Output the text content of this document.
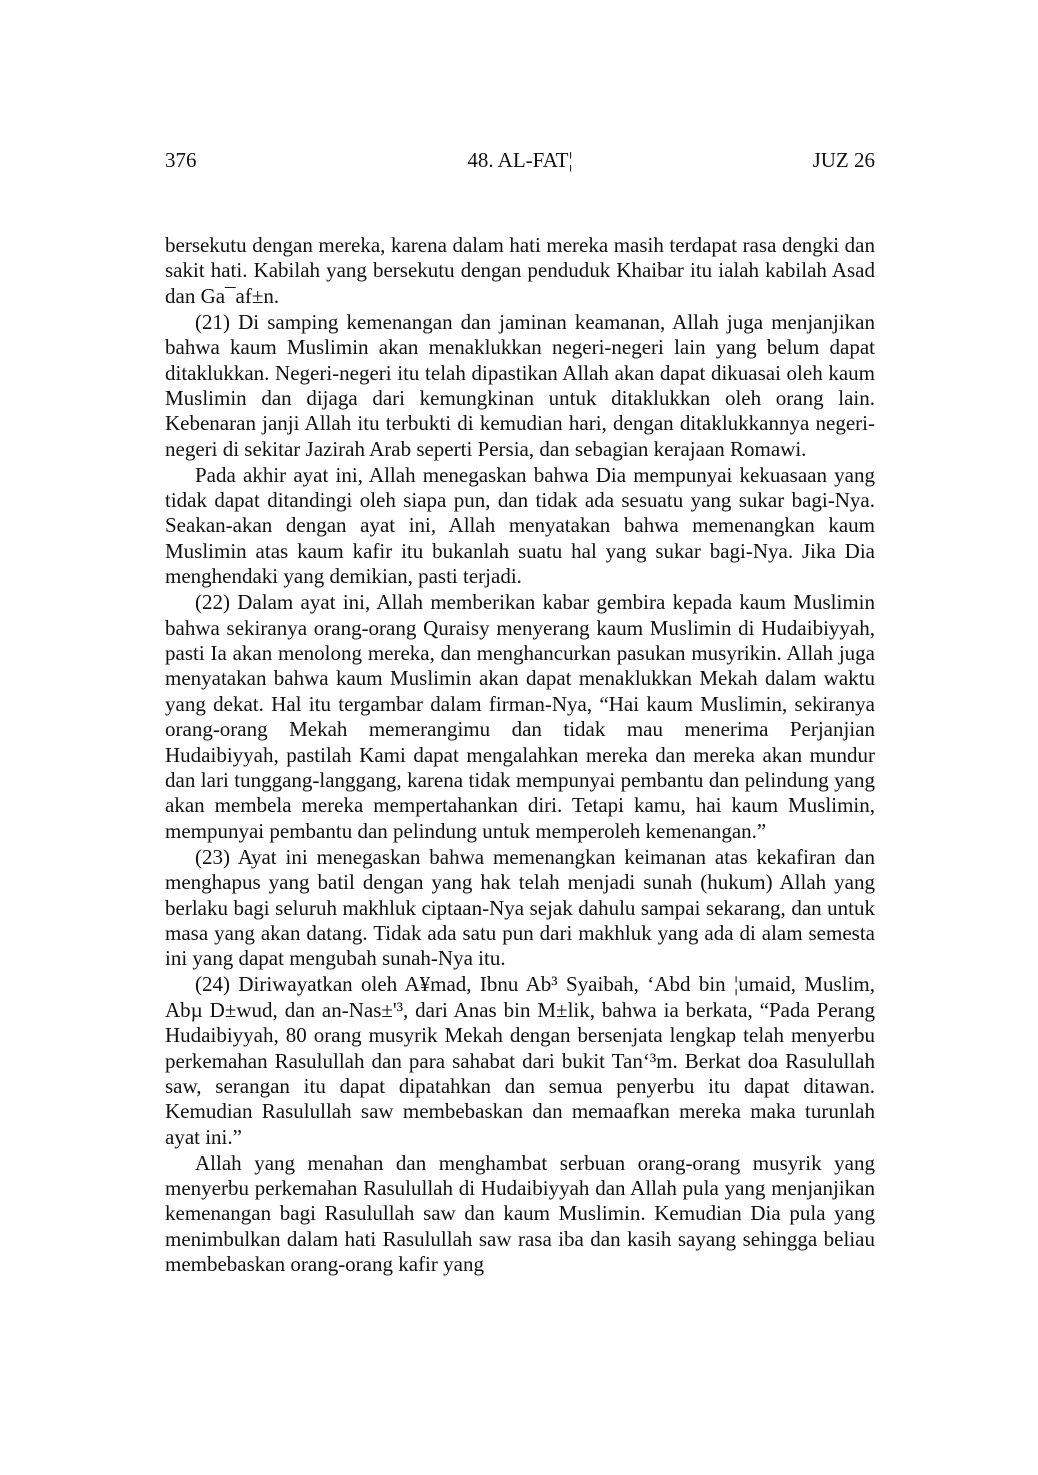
376	48. AL-FAT¦	JUZ 26

bersekutu dengan mereka, karena dalam hati mereka masih terdapat rasa dengki dan sakit hati. Kabilah yang bersekutu dengan penduduk Khaibar itu ialah kabilah Asad dan Ga¯af±n.

(21) Di samping kemenangan dan jaminan keamanan, Allah juga menjanjikan bahwa kaum Muslimin akan menaklukkan negeri-negeri lain yang belum dapat ditaklukkan. Negeri-negeri itu telah dipastikan Allah akan dapat dikuasai oleh kaum Muslimin dan dijaga dari kemungkinan untuk ditaklukkan oleh orang lain. Kebenaran janji Allah itu terbukti di kemudian hari, dengan ditaklukkannya negeri-negeri di sekitar Jazirah Arab seperti Persia, dan sebagian kerajaan Romawi.

Pada akhir ayat ini, Allah menegaskan bahwa Dia mempunyai kekuasaan yang tidak dapat ditandingi oleh siapa pun, dan tidak ada sesuatu yang sukar bagi-Nya. Seakan-akan dengan ayat ini, Allah menyatakan bahwa memenangkan kaum Muslimin atas kaum kafir itu bukanlah suatu hal yang sukar bagi-Nya. Jika Dia menghendaki yang demikian, pasti terjadi.

(22) Dalam ayat ini, Allah memberikan kabar gembira kepada kaum Muslimin bahwa sekiranya orang-orang Quraisy menyerang kaum Muslimin di Hudaibiyyah, pasti Ia akan menolong mereka, dan menghancurkan pasukan musyrikin. Allah juga menyatakan bahwa kaum Muslimin akan dapat menaklukkan Mekah dalam waktu yang dekat. Hal itu tergambar dalam firman-Nya, “Hai kaum Muslimin, sekiranya orang-orang Mekah memerangimu dan tidak mau menerima Perjanjian Hudaibiyyah, pastilah Kami dapat mengalahkan mereka dan mereka akan mundur dan lari tunggang-langgang, karena tidak mempunyai pembantu dan pelindung yang akan membela mereka mempertahankan diri. Tetapi kamu, hai kaum Muslimin, mempunyai pembantu dan pelindung untuk memperoleh kemenangan.”

(23) Ayat ini menegaskan bahwa memenangkan keimanan atas kekafiran dan menghapus yang batil dengan yang hak telah menjadi sunah (hukum) Allah yang berlaku bagi seluruh makhluk ciptaan-Nya sejak dahulu sampai sekarang, dan untuk masa yang akan datang. Tidak ada satu pun dari makhluk yang ada di alam semesta ini yang dapat mengubah sunah-Nya itu.

(24) Diriwayatkan oleh A¥mad, Ibnu Ab³ Syaibah, ‘Abd bin ¦umaid, Muslim, Abµ D±wud, dan an-Nas±'³, dari Anas bin M±lik, bahwa ia berkata, “Pada Perang Hudaibiyyah, 80 orang musyrik Mekah dengan bersenjata lengkap telah menyerbu perkemahan Rasulullah dan para sahabat dari bukit Tan‘³m. Berkat doa Rasulullah saw, serangan itu dapat dipatahkan dan semua penyerbu itu dapat ditawan. Kemudian Rasulullah saw membebaskan dan memaafkan mereka maka turunlah ayat ini.”

Allah yang menahan dan menghambat serbuan orang-orang musyrik yang menyerbu perkemahan Rasulullah di Hudaibiyyah dan Allah pula yang menjanjikan kemenangan bagi Rasulullah saw dan kaum Muslimin. Kemudian Dia pula yang menimbulkan dalam hati Rasulullah saw rasa iba dan kasih sayang sehingga beliau membebaskan orang-orang kafir yang
